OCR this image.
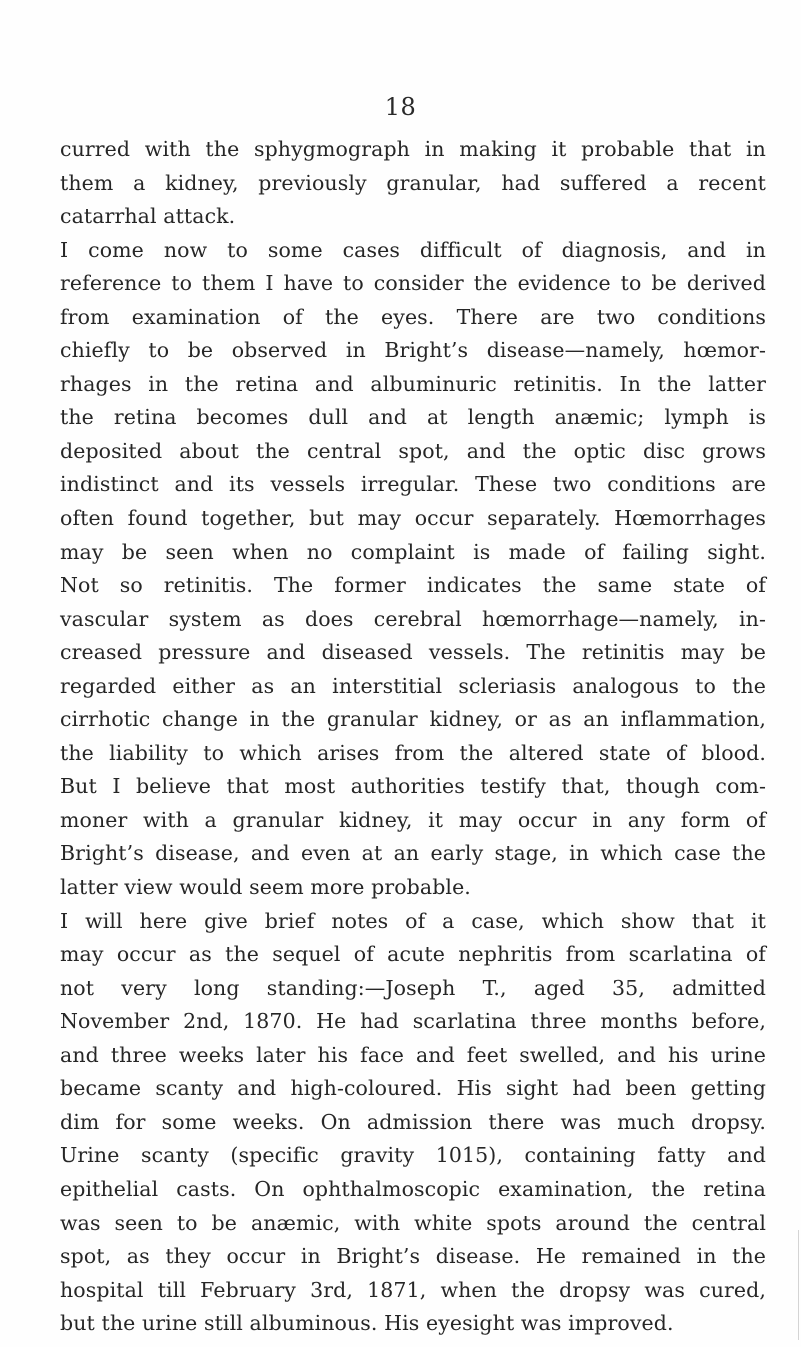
18
curred with the sphygmograph in making it probable that in
them a kidney, previously granular, had suffered a recent
catarrhal attack.
I come now to some cases difficult of diagnosis, and in
reference to them I have to consider the evidence to be derived
from examination of the eyes. There are two conditions
chiefly to be observed in Bright’s disease—namely, hœmor-
rhages in the retina and albuminuric retinitis. In the latter
the retina becomes dull and at length anæmic; lymph is
deposited about the central spot, and the optic disc grows
indistinct and its vessels irregular. These two conditions are
often found together, but may occur separately. Hœmorrhages
may be seen when no complaint is made of failing sight.
Not so retinitis. The former indicates the same state of
vascular system as does cerebral hœmorrhage—namely, in-
creased pressure and diseased vessels. The retinitis may be
regarded either as an interstitial scleriasis analogous to the
cirrhotic change in the granular kidney, or as an inflammation,
the liability to which arises from the altered state of blood.
But I believe that most authorities testify that, though com-
moner with a granular kidney, it may occur in any form of
Bright’s disease, and even at an early stage, in which case the
latter view would seem more probable.
I will here give brief notes of a case, which show that it
may occur as the sequel of acute nephritis from scarlatina of
not very long standing:—Joseph T., aged 35, admitted
November 2nd, 1870. He had scarlatina three months before,
and three weeks later his face and feet swelled, and his urine
became scanty and high-coloured. His sight had been getting
dim for some weeks. On admission there was much dropsy.
Urine scanty (specific gravity 1015), containing fatty and
epithelial casts. On ophthalmoscopic examination, the retina
was seen to be anæmic, with white spots around the central
spot, as they occur in Bright’s disease. He remained in the
hospital till February 3rd, 1871, when the dropsy was cured,
but the urine still albuminous. His eyesight was improved.
